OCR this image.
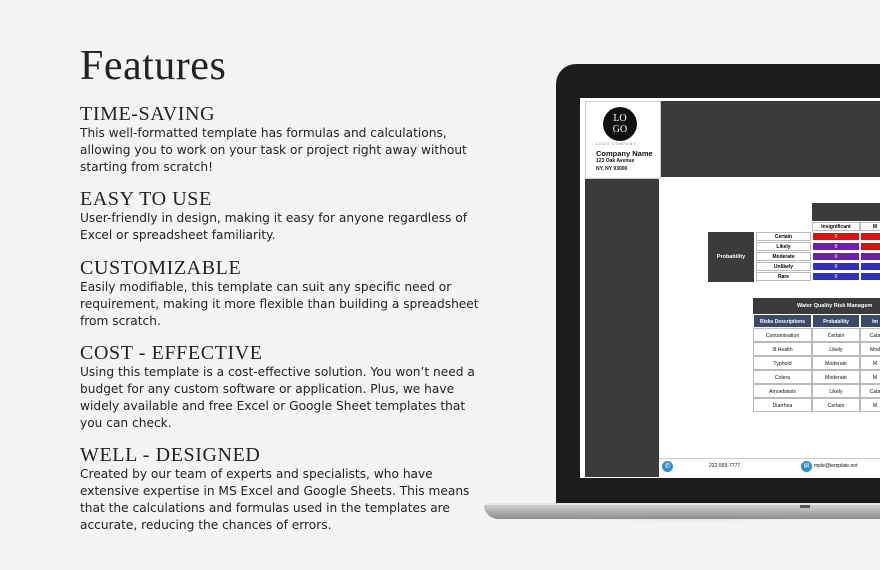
Features
TIME-SAVING

This well-formatted template has formulas and calculations, allowing you to work on your task or project right away without starting from scratch!

EASY TO USE

User-friendly in design, making it easy for anyone regardless of Excel or spreadsheet familiarity.

CUSTOMIZABLE

Easily modifiable, this template can suit any specific need or requirement, making it more flexible than building a spreadsheet from scratch.

COST - EFFECTIVE

Using this template is a cost-effective solution. You won’t need a budget for any custom software or application. Plus, we have widely available and free Excel or Google Sheet templates that you can check.

WELL - DESIGNED

Created by our team of experts and specialists, who have extensive expertise in MS Excel and Google Sheets. This means that the calculations and formulas used in the templates are accurate, reducing the chances of errors.

LO
GO
LOGO COMPANY
Company Name
123 Oak Avenue
NY, NY 93000
Insignificant	M
Probability
Certain	0
Likely	0
Moderate	0
Unlikely	0
Rare	0
Water Quality Risk Managem
Risks Descriptions	Probability	Im
Contamination	Certain	Cata
Ill Health	Likely	Mod
Typhoid	Moderate	M
Colera	Moderate	M
Amoebiasis	Likely	Cata
Diarrhea	Certain	M
✆	222-555-7777	✉ mple@template.net
